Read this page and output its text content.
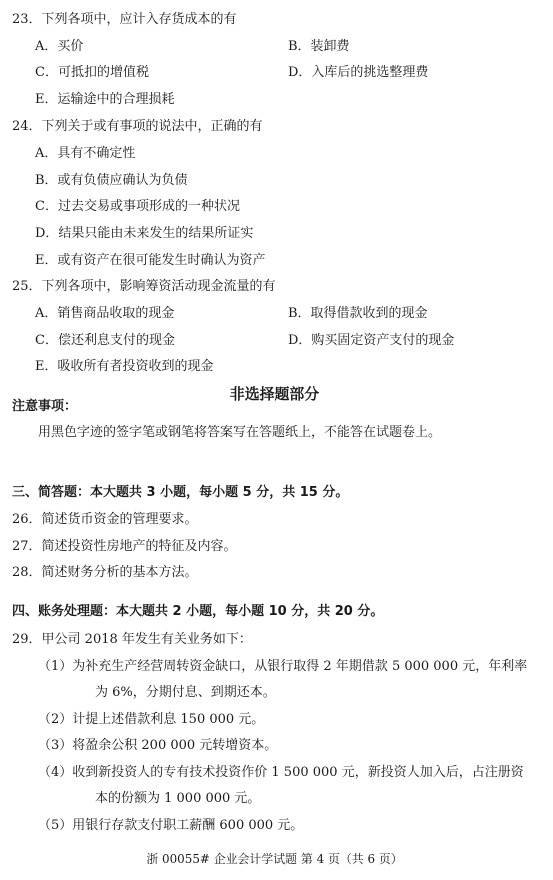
23．下列各项中，应计入存货成本的有
A．买价	B．装卸费
C．可抵扣的增值税	D．入库后的挑选整理费
E．运输途中的合理损耗
24．下列关于或有事项的说法中，正确的有
A．具有不确定性
B．或有负债应确认为负债
C．过去交易或事项形成的一种状况
D．结果只能由未来发生的结果所证实
E．或有资产在很可能发生时确认为资产
25．下列各项中，影响筹资活动现金流量的有
A．销售商品收取的现金	B．取得借款收到的现金
C．偿还利息支付的现金	D．购买固定资产支付的现金
E．吸收所有者投资收到的现金
非选择题部分
注意事项：
用黑色字迹的签字笔或钢笔将答案写在答题纸上，不能答在试题卷上。
三、简答题：本大题共 3 小题，每小题 5 分，共 15 分。
26．简述货币资金的管理要求。
27．简述投资性房地产的特征及内容。
28．简述财务分析的基本方法。
四、账务处理题：本大题共 2 小题，每小题 10 分，共 20 分。
29．甲公司 2018 年发生有关业务如下：
（1）为补充生产经营周转资金缺口，从银行取得 2 年期借款 5 000 000 元，年利率
为 6%，分期付息、到期还本。
（2）计提上述借款利息 150 000 元。
（3）将盈余公积 200 000 元转增资本。
（4）收到新投资人的专有技术投资作价 1 500 000 元，新投资人加入后，占注册资
本的份额为 1 000 000 元。
（5）用银行存款支付职工薪酬 600 000 元。
浙 00055# 企业会计学试题 第 4 页（共 6 页）
